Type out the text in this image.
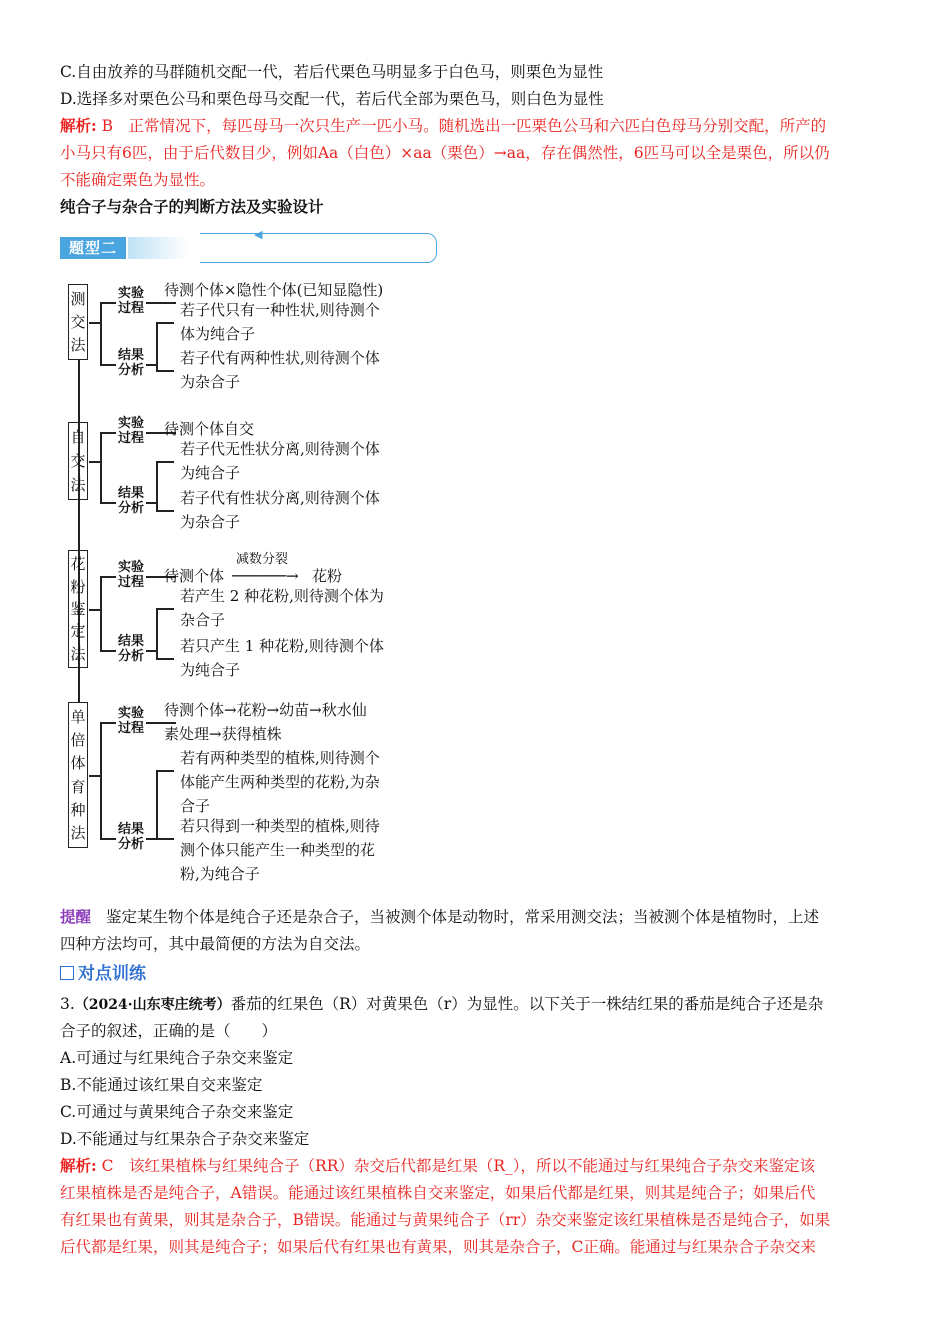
C.自由放养的马群随机交配一代，若后代栗色马明显多于白色马，则栗色为显性
D.选择多对栗色公马和栗色母马交配一代，若后代全部为栗色马，则白色为显性
解析: B　正常情况下，每匹母马一次只生产一匹小马。随机选出一匹栗色公马和六匹白色母马分别交配，所产的
小马只有6匹，由于后代数目少，例如Aa（白色）×aa（栗色）→aa，存在偶然性，6匹马可以全是栗色，所以仍
不能确定栗色为显性。
纯合子与杂合子的判断方法及实验设计
题型二
◀
测
交
法
实验
过程
结果
分析
待测个体×隐性个体(已知显隐性)
若子代只有一种性状,则待测个
体为纯合子
若子代有两种性状,则待测个体
为杂合子
自
交
法
实验
过程
结果
分析
待测个体自交
若子代无性状分离,则待测个体
为纯合子
若子代有性状分离,则待测个体
为杂合子
花
粉
鉴
定
法
实验
过程
结果
分析
待测个体
减数分裂
──────→ 花粉
若产生 2 种花粉,则待测个体为
杂合子
若只产生 1 种花粉,则待测个体
为纯合子
单
倍
体
育
种
法
实验
过程
结果
分析
待测个体→花粉→幼苗→秋水仙
素处理→获得植株
若有两种类型的植株,则待测个
体能产生两种类型的花粉,为杂
合子
若只得到一种类型的植株,则待
测个体只能产生一种类型的花
粉,为纯合子
提醒 鉴定某生物个体是纯合子还是杂合子，当被测个体是动物时，常采用测交法；当被测个体是植物时，上述
四种方法均可，其中最简便的方法为自交法。
对点训练
3.（2024·山东枣庄统考）番茄的红果色（R）对黄果色（r）为显性。以下关于一株结红果的番茄是纯合子还是杂
合子的叙述，正确的是（　　）
A.可通过与红果纯合子杂交来鉴定
B.不能通过该红果自交来鉴定
C.可通过与黄果纯合子杂交来鉴定
D.不能通过与红果杂合子杂交来鉴定
解析: C　该红果植株与红果纯合子（RR）杂交后代都是红果（R_），所以不能通过与红果纯合子杂交来鉴定该
红果植株是否是纯合子，A错误。能通过该红果植株自交来鉴定，如果后代都是红果，则其是纯合子；如果后代
有红果也有黄果，则其是杂合子，B错误。能通过与黄果纯合子（rr）杂交来鉴定该红果植株是否是纯合子，如果
后代都是红果，则其是纯合子；如果后代有红果也有黄果，则其是杂合子，C正确。能通过与红果杂合子杂交来
